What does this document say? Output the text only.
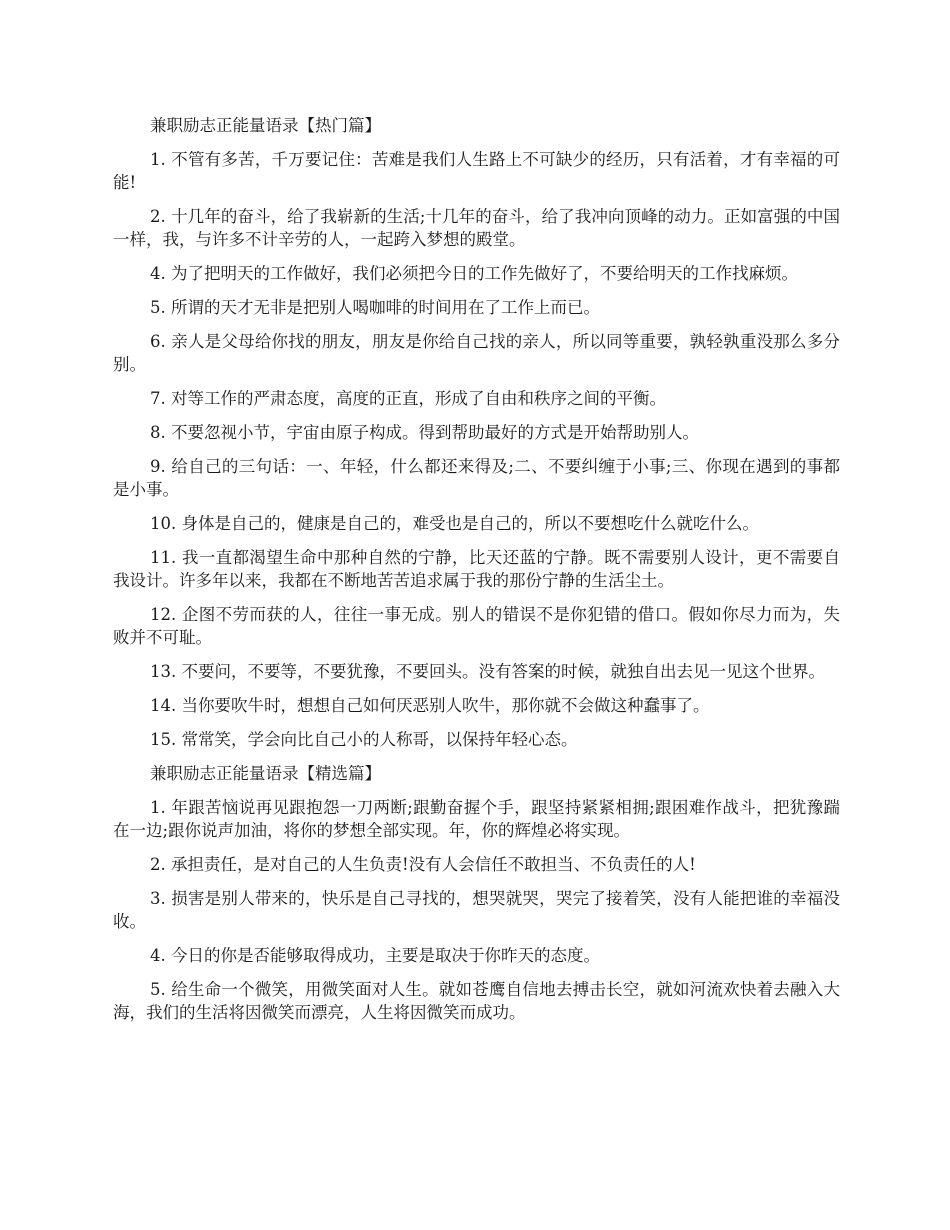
兼职励志正能量语录【热门篇】

1. 不管有多苦，千万要记住：苦难是我们人生路上不可缺少的经历，只有活着，才有幸福的可能!

2. 十几年的奋斗，给了我崭新的生活;十几年的奋斗，给了我冲向顶峰的动力。正如富强的中国一样，我，与许多不计辛劳的人，一起跨入梦想的殿堂。

4. 为了把明天的工作做好，我们必须把今日的工作先做好了，不要给明天的工作找麻烦。

5. 所谓的天才无非是把别人喝咖啡的时间用在了工作上而已。

6. 亲人是父母给你找的朋友，朋友是你给自己找的亲人，所以同等重要，孰轻孰重没那么多分别。

7. 对等工作的严肃态度，高度的正直，形成了自由和秩序之间的平衡。

8. 不要忽视小节，宇宙由原子构成。得到帮助最好的方式是开始帮助别人。

9. 给自己的三句话：一、年轻，什么都还来得及;二、不要纠缠于小事;三、你现在遇到的事都是小事。

10. 身体是自己的，健康是自己的，难受也是自己的，所以不要想吃什么就吃什么。

11. 我一直都渴望生命中那种自然的宁静，比天还蓝的宁静。既不需要别人设计，更不需要自我设计。许多年以来，我都在不断地苦苦追求属于我的那份宁静的生活尘土。

12. 企图不劳而获的人，往往一事无成。别人的错误不是你犯错的借口。假如你尽力而为，失败并不可耻。

13. 不要问，不要等，不要犹豫，不要回头。没有答案的时候，就独自出去见一见这个世界。

14. 当你要吹牛时，想想自己如何厌恶别人吹牛，那你就不会做这种蠢事了。

15. 常常笑，学会向比自己小的人称哥，以保持年轻心态。

兼职励志正能量语录【精选篇】

1. 年跟苦恼说再见跟抱怨一刀两断;跟勤奋握个手，跟坚持紧紧相拥;跟困难作战斗，把犹豫踹在一边;跟你说声加油，将你的梦想全部实现。年，你的辉煌必将实现。

2. 承担责任，是对自己的人生负责!没有人会信任不敢担当、不负责任的人!

3. 损害是别人带来的，快乐是自己寻找的，想哭就哭，哭完了接着笑，没有人能把谁的幸福没收。

4. 今日的你是否能够取得成功，主要是取决于你昨天的态度。

5. 给生命一个微笑，用微笑面对人生。就如苍鹰自信地去搏击长空，就如河流欢快着去融入大海，我们的生活将因微笑而漂亮，人生将因微笑而成功。
